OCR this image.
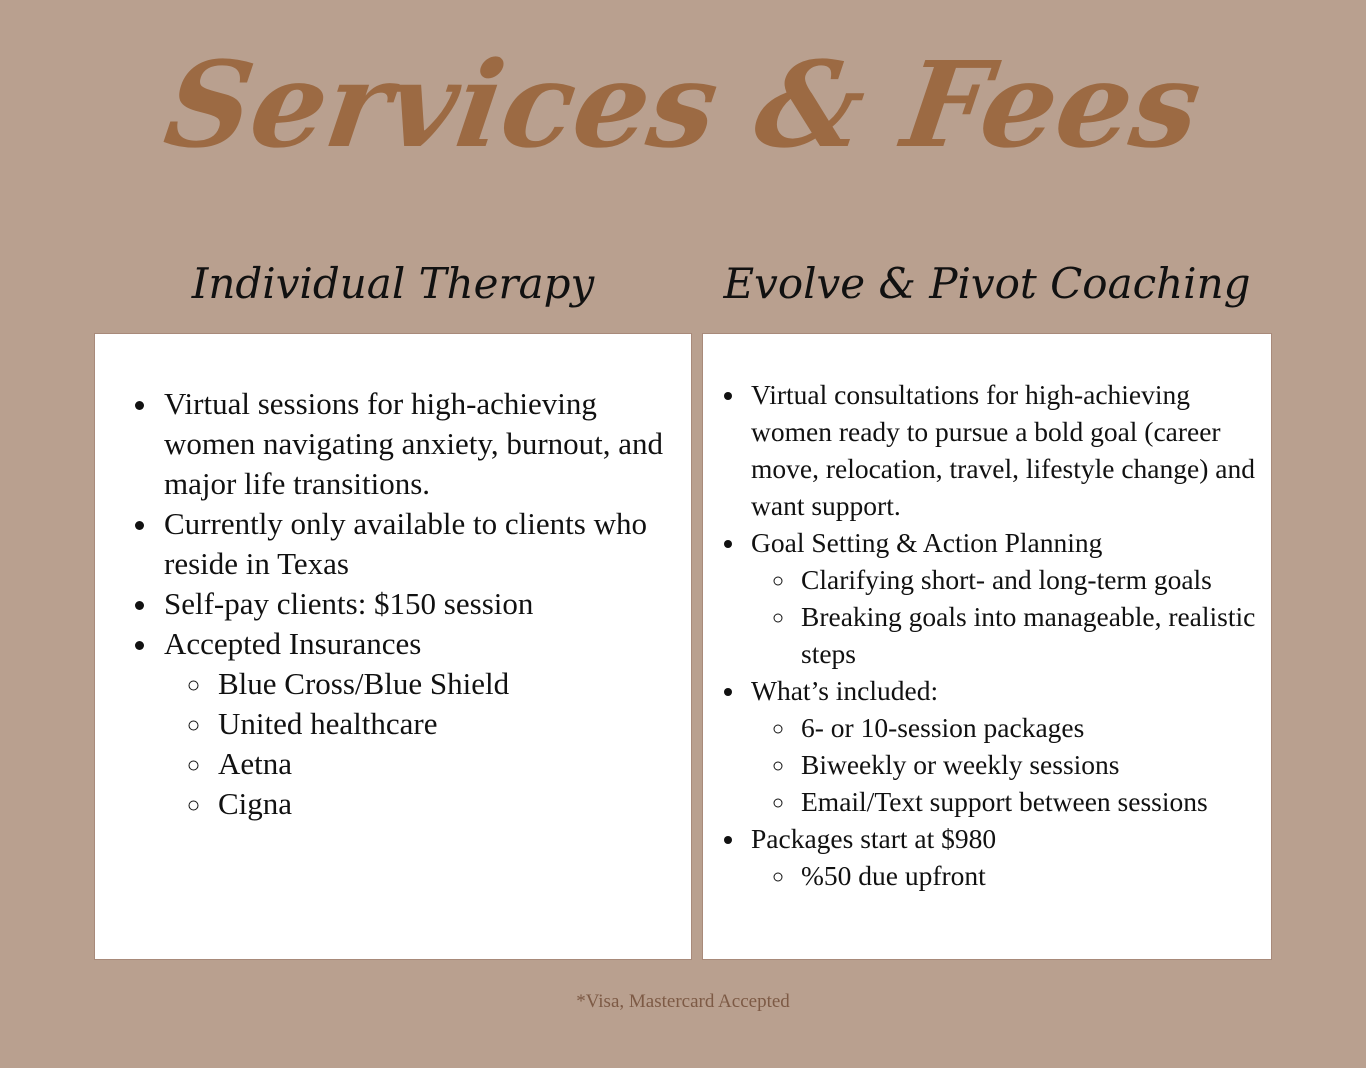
Services & Fees
Individual Therapy	Evolve & Pivot Coaching
• Virtual sessions for high-achieving women navigating anxiety, burnout, and major life transitions.
• Currently only available to clients who reside in Texas
• Self-pay clients: $150 session
• Accepted Insurances
◦ Blue Cross/Blue Shield
◦ United healthcare
◦ Aetna
◦ Cigna
• Virtual consultations for high-achieving women ready to pursue a bold goal (career move, relocation, travel, lifestyle change) and want support.
• Goal Setting & Action Planning
◦ Clarifying short- and long-term goals
◦ Breaking goals into manageable, realistic steps
• What’s included:
◦ 6- or 10-session packages
◦ Biweekly or weekly sessions
◦ Email/Text support between sessions
• Packages start at $980
◦ %50 due upfront
*Visa, Mastercard Accepted
